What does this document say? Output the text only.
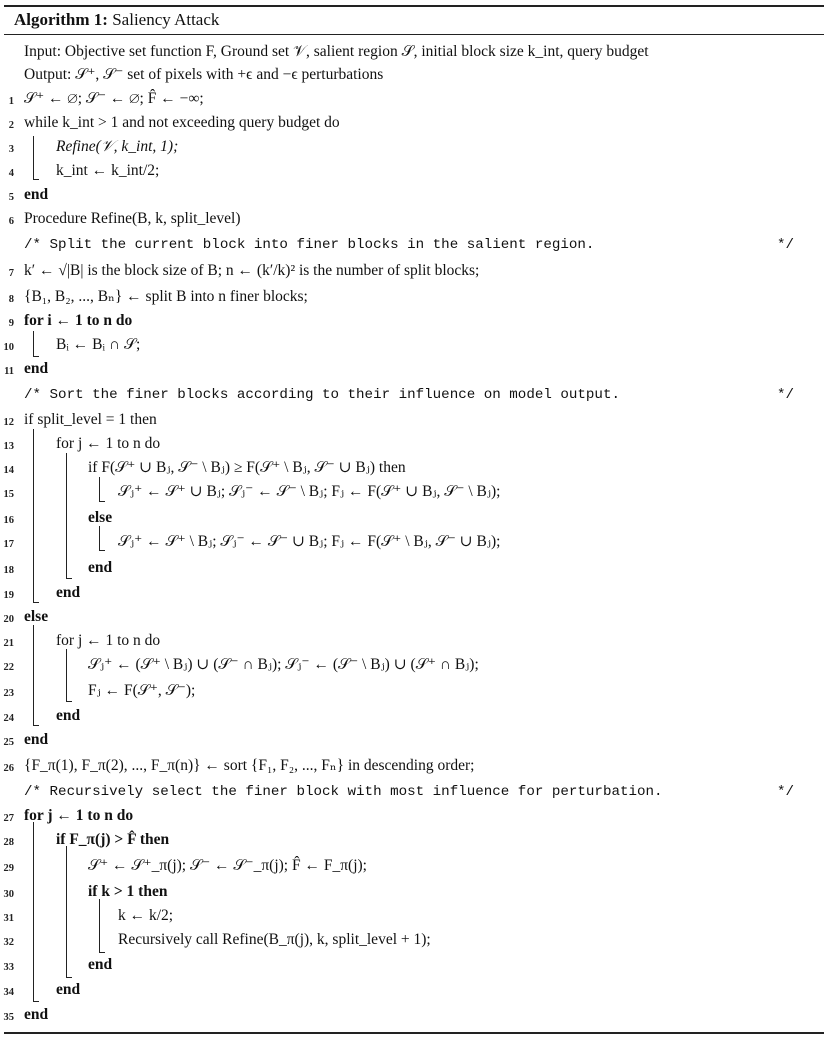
Algorithm 1: Saliency Attack
Input: Objective set function F, Ground set 𝒱, salient region 𝒮, initial block size k_int, query budget
Output: 𝒮⁺, 𝒮⁻ set of pixels with +ϵ and −ϵ perturbations
1 𝒮⁺ ← ∅; 𝒮⁻ ← ∅; F̂ ← −∞;
2 while k_int > 1 and not exceeding query budget do
3	Refine(𝒱, k_int, 1);
4	k_int ← k_int/2;
5 end
6 Procedure Refine(B, k, split_level)
/* Split the current block into finer blocks in the salient region.	*/
7 k′ ← √|B| is the block size of B; n ← (k′/k)² is the number of split blocks;
8 {B₁, B₂, ..., Bₙ} ← split B into n finer blocks;
9 for i ← 1 to n do
10	Bᵢ ← Bᵢ ∩ 𝒮;
11 end
/* Sort the finer blocks according to their influence on model output.	*/
12 if split_level = 1 then
13	for j ← 1 to n do
14	if F(𝒮⁺ ∪ Bⱼ, 𝒮⁻ \ Bⱼ) ≥ F(𝒮⁺ \ Bⱼ, 𝒮⁻ ∪ Bⱼ) then
15	𝒮ⱼ⁺ ← 𝒮⁺ ∪ Bⱼ; 𝒮ⱼ⁻ ← 𝒮⁻ \ Bⱼ; Fⱼ ← F(𝒮⁺ ∪ Bⱼ, 𝒮⁻ \ Bⱼ);
16	else
17	𝒮ⱼ⁺ ← 𝒮⁺ \ Bⱼ; 𝒮ⱼ⁻ ← 𝒮⁻ ∪ Bⱼ; Fⱼ ← F(𝒮⁺ \ Bⱼ, 𝒮⁻ ∪ Bⱼ);
18	end
19	end
20 else
21	for j ← 1 to n do
22	𝒮ⱼ⁺ ← (𝒮⁺ \ Bⱼ) ∪ (𝒮⁻ ∩ Bⱼ); 𝒮ⱼ⁻ ← (𝒮⁻ \ Bⱼ) ∪ (𝒮⁺ ∩ Bⱼ);
23	Fⱼ ← F(𝒮⁺, 𝒮⁻);
24	end
25 end
26 {F_π(1), F_π(2), ..., F_π(n)} ← sort {F₁, F₂, ..., Fₙ} in descending order;
/* Recursively select the finer block with most influence for perturbation.	*/
27 for j ← 1 to n do
28	if F_π(j) > F̂ then
29	𝒮⁺ ← 𝒮⁺_π(j); 𝒮⁻ ← 𝒮⁻_π(j); F̂ ← F_π(j);
30	if k > 1 then
31	k ← k/2;
32	Recursively call Refine(B_π(j), k, split_level + 1);
33	end
34	end
35 end
